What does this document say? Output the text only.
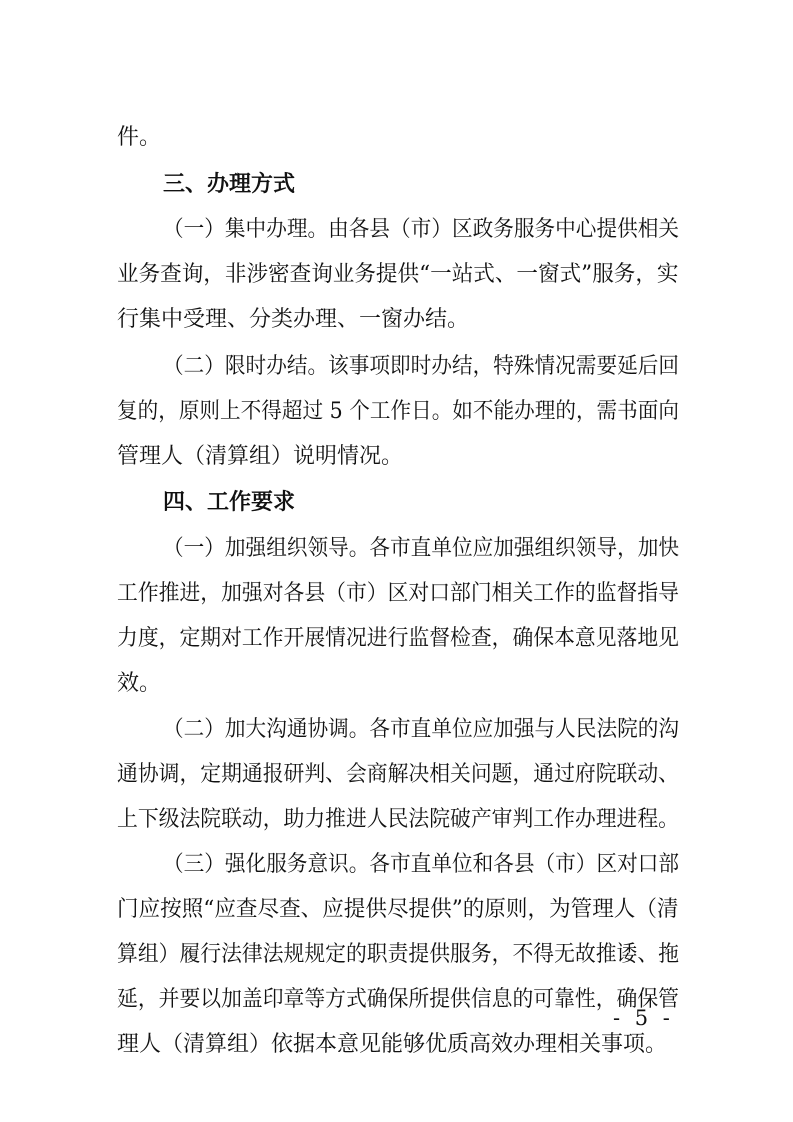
件。
三、办理方式
（一）集中办理。由各县（市）区政务服务中心提供相关
业务查询，非涉密查询业务提供“一站式、一窗式”服务，实
行集中受理、分类办理、一窗办结。
（二）限时办结。该事项即时办结，特殊情况需要延后回
复的，原则上不得超过 5 个工作日。如不能办理的，需书面向
管理人（清算组）说明情况。
四、工作要求
（一）加强组织领导。各市直单位应加强组织领导，加快
工作推进，加强对各县（市）区对口部门相关工作的监督指导
力度，定期对工作开展情况进行监督检查，确保本意见落地见
效。
（二）加大沟通协调。各市直单位应加强与人民法院的沟
通协调，定期通报研判、会商解决相关问题，通过府院联动、
上下级法院联动，助力推进人民法院破产审判工作办理进程。
（三）强化服务意识。各市直单位和各县（市）区对口部
门应按照“应查尽查、应提供尽提供”的原则，为管理人（清
算组）履行法律法规规定的职责提供服务，不得无故推诿、拖
延，并要以加盖印章等方式确保所提供信息的可靠性，确保管
理人（清算组）依据本意见能够优质高效办理相关事项。
- 5 -
